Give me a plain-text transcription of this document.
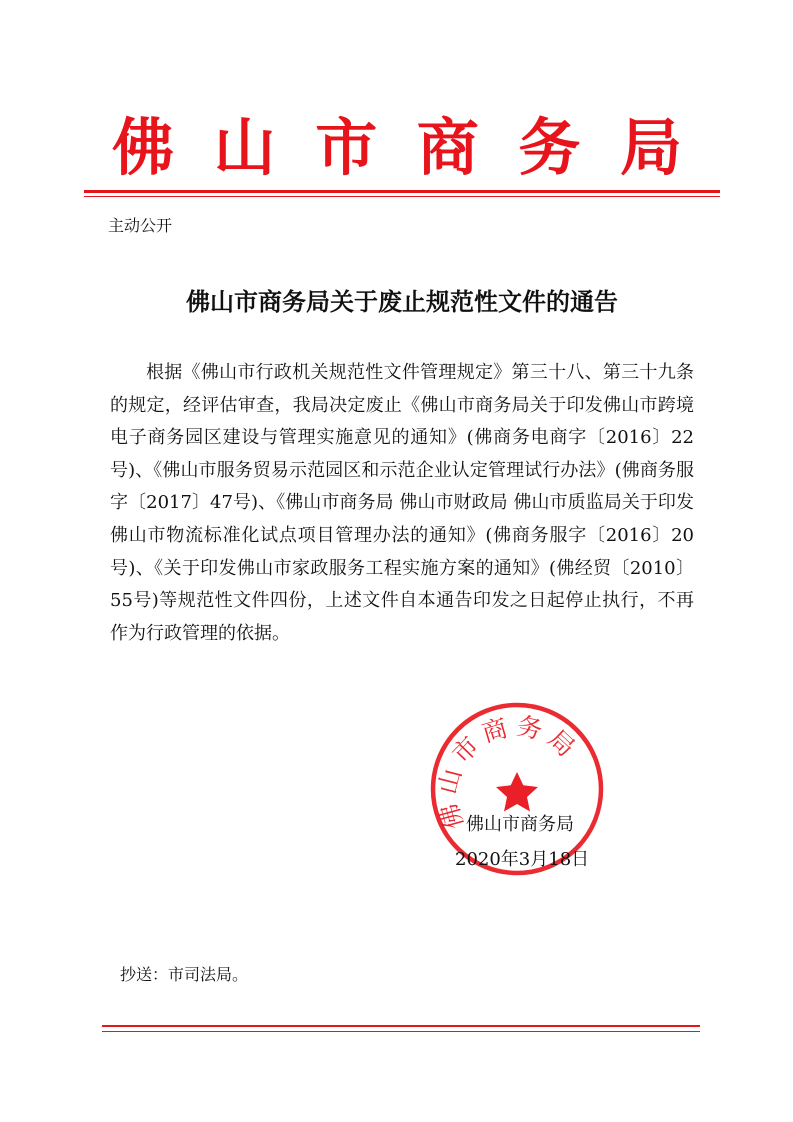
佛 山 市 商 务 局
主动公开
佛山市商务局关于废止规范性文件的通告

根据《佛山市行政机关规范性文件管理规定》第三十八、第三十九条的规定，经评估审查，我局决定废止《佛山市商务局关于印发佛山市跨境电子商务园区建设与管理实施意见的通知》(佛商务电商字〔2016〕22号)、《佛山市服务贸易示范园区和示范企业认定管理试行办法》(佛商务服字〔2017〕47号)、《佛山市商务局 佛山市财政局 佛山市质监局关于印发佛山市物流标准化试点项目管理办法的通知》(佛商务服字〔2016〕20号)、《关于印发佛山市家政服务工程实施方案的通知》(佛经贸〔2010〕55号)等规范性文件四份，上述文件自本通告印发之日起停止执行，不再作为行政管理的依据。

佛山市商务局
佛山市商务局
2020年3月18日
抄送：市司法局。
